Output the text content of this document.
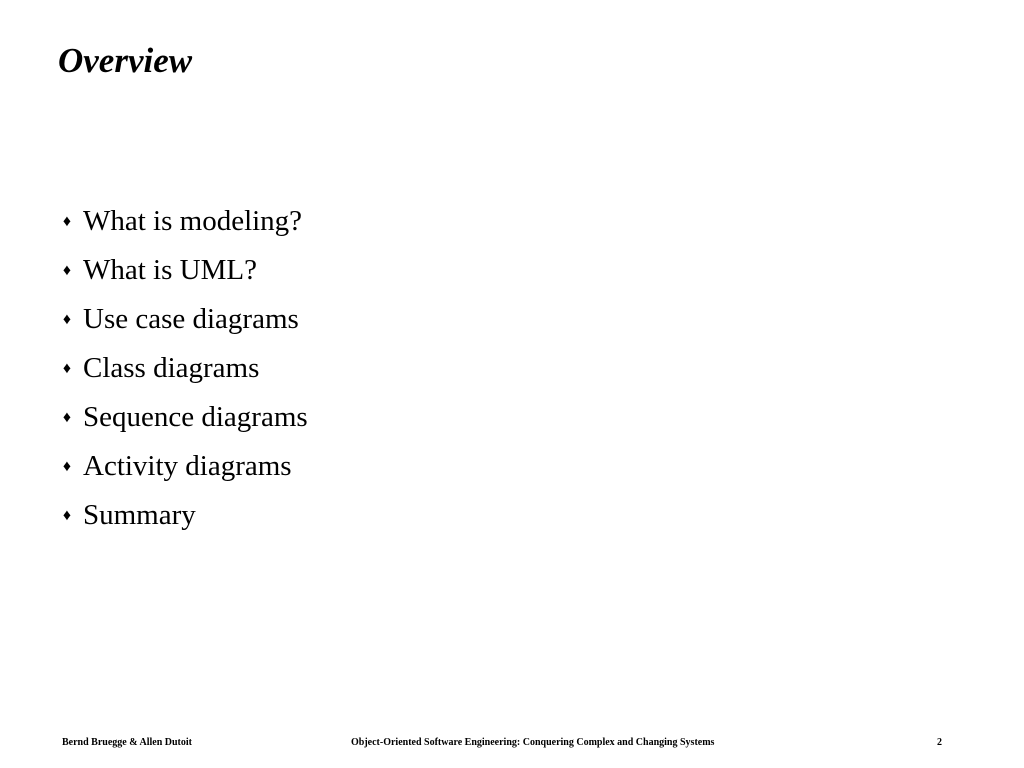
Overview
♦ What is modeling?
♦ What is UML?
♦ Use case diagrams
♦ Class diagrams
♦ Sequence diagrams
♦ Activity diagrams
♦ Summary
Bernd Bruegge & Allen Dutoit	Object-Oriented Software Engineering: Conquering Complex and Changing Systems	2
